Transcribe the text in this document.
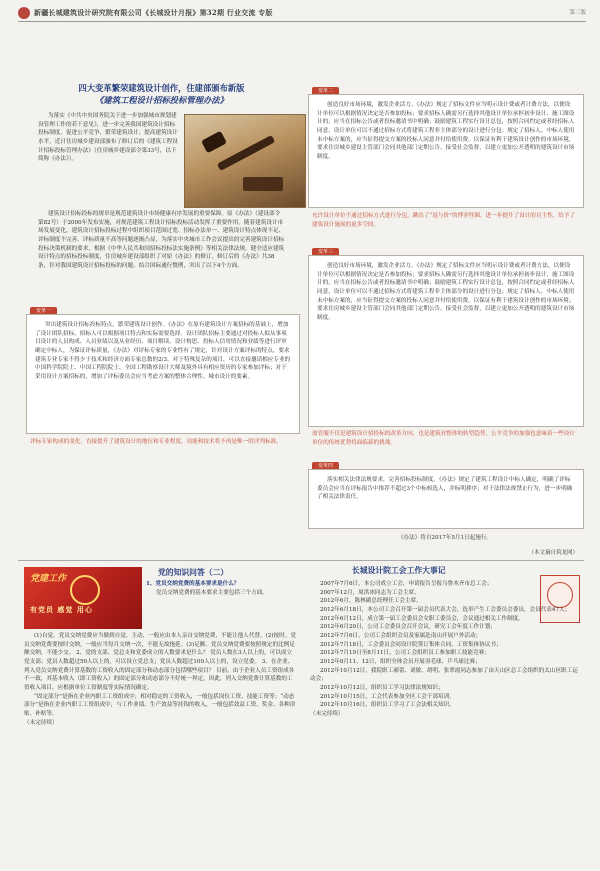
新疆长城建筑设计研究院有限公司《长城设计月报》第32期 行业交流 专版	第三版
四大变革繁荣建筑设计创作，住建部颁布新版
《建筑工程设计招标投标管理办法》

为落实《中共中央国务院关于进一步加强城市规划建设管理工作的若干意见》，进一步完善我国建筑设计招标投标制度，促进公平竞争，繁荣建筑设计，提高建筑设计水平，近日住房城乡建设部颁布了修订后的《建筑工程设计招标投标管理办法》（住房城乡建设部令第33号，以下简称《办法》）。

建筑设计招标投标的规章是规范建筑设计市场健康有序发展的重要保障。原《办法》（建设部令第82号）于2000年发布实施，对规范建筑工程设计招标投标活动发挥了重要作用。随着建筑设计市场发展变化，建筑设计招标投标过程中组织项目范围过宽、招标办法单一、建筑设计特点体现不足、评标制度不完善、评标质量不高等问题逐渐凸显，为落实中央城市工作会议提出的完善建筑设计招标投标决策机制的要求，根据《中华人民共和国招标投标法实施条例》等相关法律法规，健全适应建筑设计特点的招标投标制度，住房城乡建设部组织了对原《办法》的修订，修订后的《办法》共38条，针对我国建筑设计招标投标的问题，结合国际通行惯例，突出了以下4个方面。

变革一

突出建筑设计招标投标特点，繁荣建筑设计创作。《办法》在原有建筑设计方案招标的基础上，增加了设计团队招标，招标人可以根据项目特点和实际需要选择。设计团队招标主要通过对投标人拟从事项目设计的人员构成、人员业绩以及从业经历、项目解读、设计构思、投标人信用情况和业绩等进行评审确定中标人，为保证评标质量，《办法》对评标专家的专业性有了规定，针对设计方案评标的特点，要求建筑专业专家不得少于技术和经济方面专家总数的2/3，对于特殊复杂的项目，可以直接邀请相应专业的中国科学院院士、中国工程院院士、全国工程勘察设计大师及境外具有相应资历的专家参加评标；对于采用设计方案招标的，增加了评标委员会应当考虑方案的整体合理性、城市设计的要素。

评标专家构成的变化，直接提升了建筑设计的地位和专业程度，功能和技术将不再是唯一的评判标准。

变革二

创造良好市场环境，激发企业活力。《办法》规定了招标文件应当明示设计费或者计费方法，以便设计单位可以根据情况决定是否参加投标；要求招标人确需另行选择其他设计单位承担初步设计、施工图设计的，应当在招标公告或者投标邀请书中明确；鼓励建筑工程实行设计总包，按照合同约定或者经招标人同意，设计单位可以不通过招标方式将建筑工程非主体部分的设计进行分包；规定了招标人、中标人使用未中标方案的，应当征得提交方案的投标人同意并付给使用费，以保证有利于建筑设计创作的市场环境，要求住房城乡建设主管部门会同其他部门定期公告，接受社会监督，以建立更加公开透明的建筑设计市场制度。

允许设计单位不通过招标方式进行分包，跳出了“退与价”的博弈怪圈，进一步提升了设计的自主性，给予了建筑设计施展的更多空间。

变革三

创造良好市场环境，激发企业活力。《办法》规定了招标文件应当明示设计费或者计费方法，以便设计单位可以根据情况决定是否参加投标；要求招标人确需另行选择其他设计单位承担初步设计、施工图设计的，应当在招标公告或者投标邀请书中明确；鼓励建筑工程实行设计总包，按照合同约定或者经招标人同意，设计单位可以不通过招标方式将建筑工程非主体部分的设计进行分包；规定了招标人、中标人使用未中标方案的，应当征得提交方案的投标人同意并付给使用费，以保证有利于建筑设计创作的市场环境；要求住房城乡建设主管部门会同其他部门定期公告，接受社会监督，以建立更加公开透明的建筑设计市场制度。

放管服不仅是建筑设计招投标的改革方向，也是建筑业整体的转型趋势，公平竞争的加强也意味着一些设计单位的传统优势将面临新的挑战。

变革四

落实相关法律法规要求，完善招标投标制度。《办法》规定了建筑工程设计中标人确定，明确了评标委员会应当在评标报告中推荐不超过3个中标候选人，并标明排序；对于法律法规禁止行为，进一步明确了相关法律责任。

《办法》将自2017年5月1日起施行。
（本文摘自筑龙网）
党建工作
有党员 感觉 用心
党的知识问答（二）

1、党员交纳党费的基本要求是什么？

党员交纳党费的基本要求主要包括三个方面。

(1)自觉。党员交纳党费应当做到自觉、主动，一般应由本人亲自交纳党费，不能让他人代替。(2)按时。党员交纳党费要按时交纳，一般应当每月交纳一次，不能无故拖延。(3)足额。党员交纳党费要按照规定的比例足额交纳，不能少交。 2、党的支部、党总支和党委成立的人数要求是什么？ 党员人数在3人以上的，可以成立党支部；党员人数超过50人以上的，可以设立党总支；党员人数超过100人以上的，设立党委。 3、在企业、列入党员交纳党费计算基数的工资收入的固定部分和动态部分包括哪些项目？ 目前，由于企业人员工资组成各不一致，其基本收入（即工资收入）的固定部分和动态部分不好统一界定，因此，列入交纳党费计算基数的工资收入项目，应根据单位工资制度等实际情况确定。

“固定部分”是指在企业内职工工资组成中，相对稳定的工资收入，一般包括岗位工资、技能工资等；“动态部分”是指在企业内职工工资组成中，与工作业绩、生产效益等挂钩的收入，一般包括效益工资、奖金、各种津贴、补贴等。

（未完待续）

长城设计院工会工作大事记

2007年7月6日，本公司成立工会，申请报告呈报乌鲁木齐市总工会；

2007年12月，周洪冰同志为工会主席。

2012年6月，陈林副总经理任工会主席。

2012年6月18日，本公司工会召开第一届会员代表大会，选举产生工会委员会委员，会员代表47人；

2012年6月12日，成立第一届工会委员会女职工委员会，会议通过相关工作制度。

2012年6月20日，公司工会委员会召开会议，研究工会年度工作计划；

2012年7月6日，公司工会组织会员及家属赴南山开展户外活动；

2012年7月18日，工会委员会同设计院签订集体合同、工资集体协议书；

2012年7月19日至8月11日，公司工会组织员工参加职工技能竞赛；

2012年8月11、12日，组织全体会员开展羽毛球、乒乓球比赛；

2012年10月12日，我院职工郝蕾、刘敏、胡明、张翠霞同志参加了由天山区总工会组织的太山区职工运动会；

2012年10月12日，组织员工学习法律法规知识；

2012年10月15日，工会代表参加全区工会干部培训。

2012年10月16日，组织员工学习了工会法相关知识。

（未完待续）
